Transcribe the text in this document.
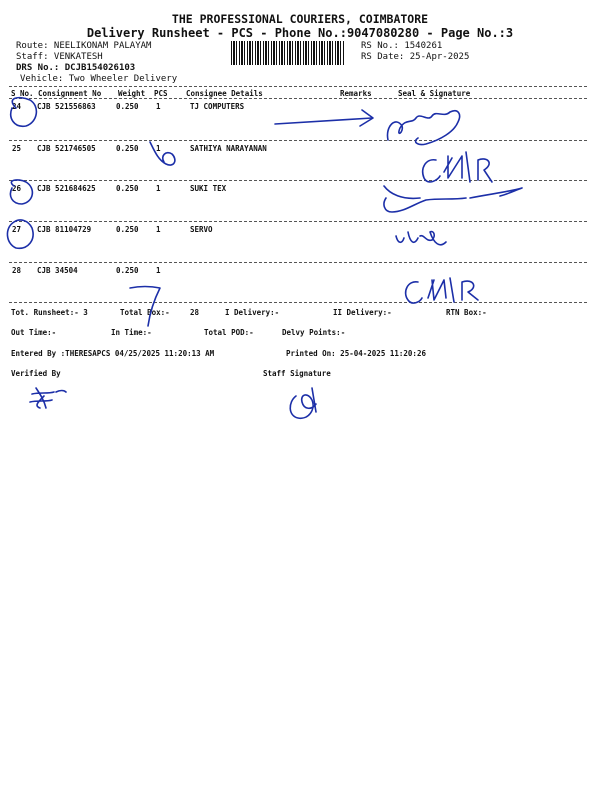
THE PROFESSIONAL COURIERS, COIMBATORE
Delivery Runsheet - PCS - Phone No.:9047080280 - Page No.:3
Route: NEELIKONAM PALAYAM
Staff: VENKATESH
DRS No.: DCJB154026103
Vehicle: Two Wheeler Delivery
RS No.: 1540261
RS Date: 25-Apr-2025
S No. Consignment No Weight PCS Consignee Details	Remarks	Seal & Signature
24 CJB 521556863	0.250 1	TJ COMPUTERS
25 CJB 521746505	0.250 1	SATHIYA NARAYANAN
26 CJB 521684625	0.250 1	SUKI TEX
27 CJB 81104729	0.250 1	SERVO
28 CJB 34504	0.250 1
Tot. Runsheet:- 3	Total Box:-	28	I Delivery:-	II Delivery:-	RTN Box:-
Out Time:-	In Time:-	Total POD:-	Delvy Points:-
Entered By :THERESAPCS 04/25/2025 11:20:13 AM	Printed On: 25-04-2025 11:20:26
Verified By	Staff Signature
